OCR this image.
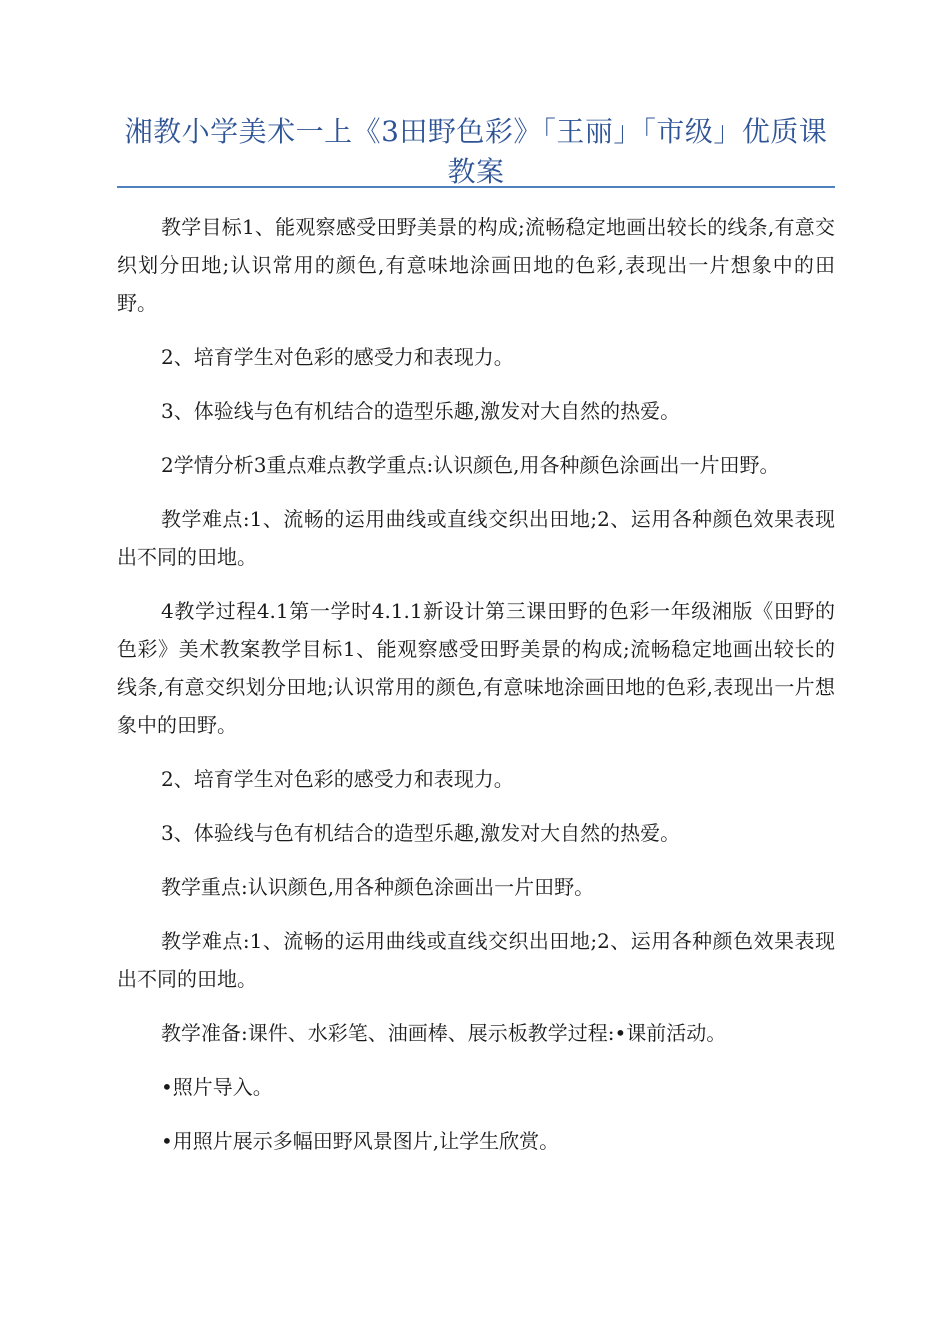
湘教小学美术一上《3田野色彩》「王丽」「市级」优质课教案

教学目标1、能观察感受田野美景的构成;流畅稳定地画出较长的线条,有意交织划分田地;认识常用的颜色,有意味地涂画田地的色彩,表现出一片想象中的田野。

2、培育学生对色彩的感受力和表现力。

3、体验线与色有机结合的造型乐趣,激发对大自然的热爱。

2学情分析3重点难点教学重点:认识颜色,用各种颜色涂画出一片田野。

教学难点:1、流畅的运用曲线或直线交织出田地;2、运用各种颜色效果表现出不同的田地。

4教学过程4.1第一学时4.1.1新设计第三课田野的色彩一年级湘版《田野的色彩》美术教案教学目标1、能观察感受田野美景的构成;流畅稳定地画出较长的线条,有意交织划分田地;认识常用的颜色,有意味地涂画田地的色彩,表现出一片想象中的田野。

2、培育学生对色彩的感受力和表现力。

3、体验线与色有机结合的造型乐趣,激发对大自然的热爱。

教学重点:认识颜色,用各种颜色涂画出一片田野。

教学难点:1、流畅的运用曲线或直线交织出田地;2、运用各种颜色效果表现出不同的田地。

教学准备:课件、水彩笔、油画棒、展示板教学过程:•课前活动。

•照片导入。

•用照片展示多幅田野风景图片,让学生欣赏。
